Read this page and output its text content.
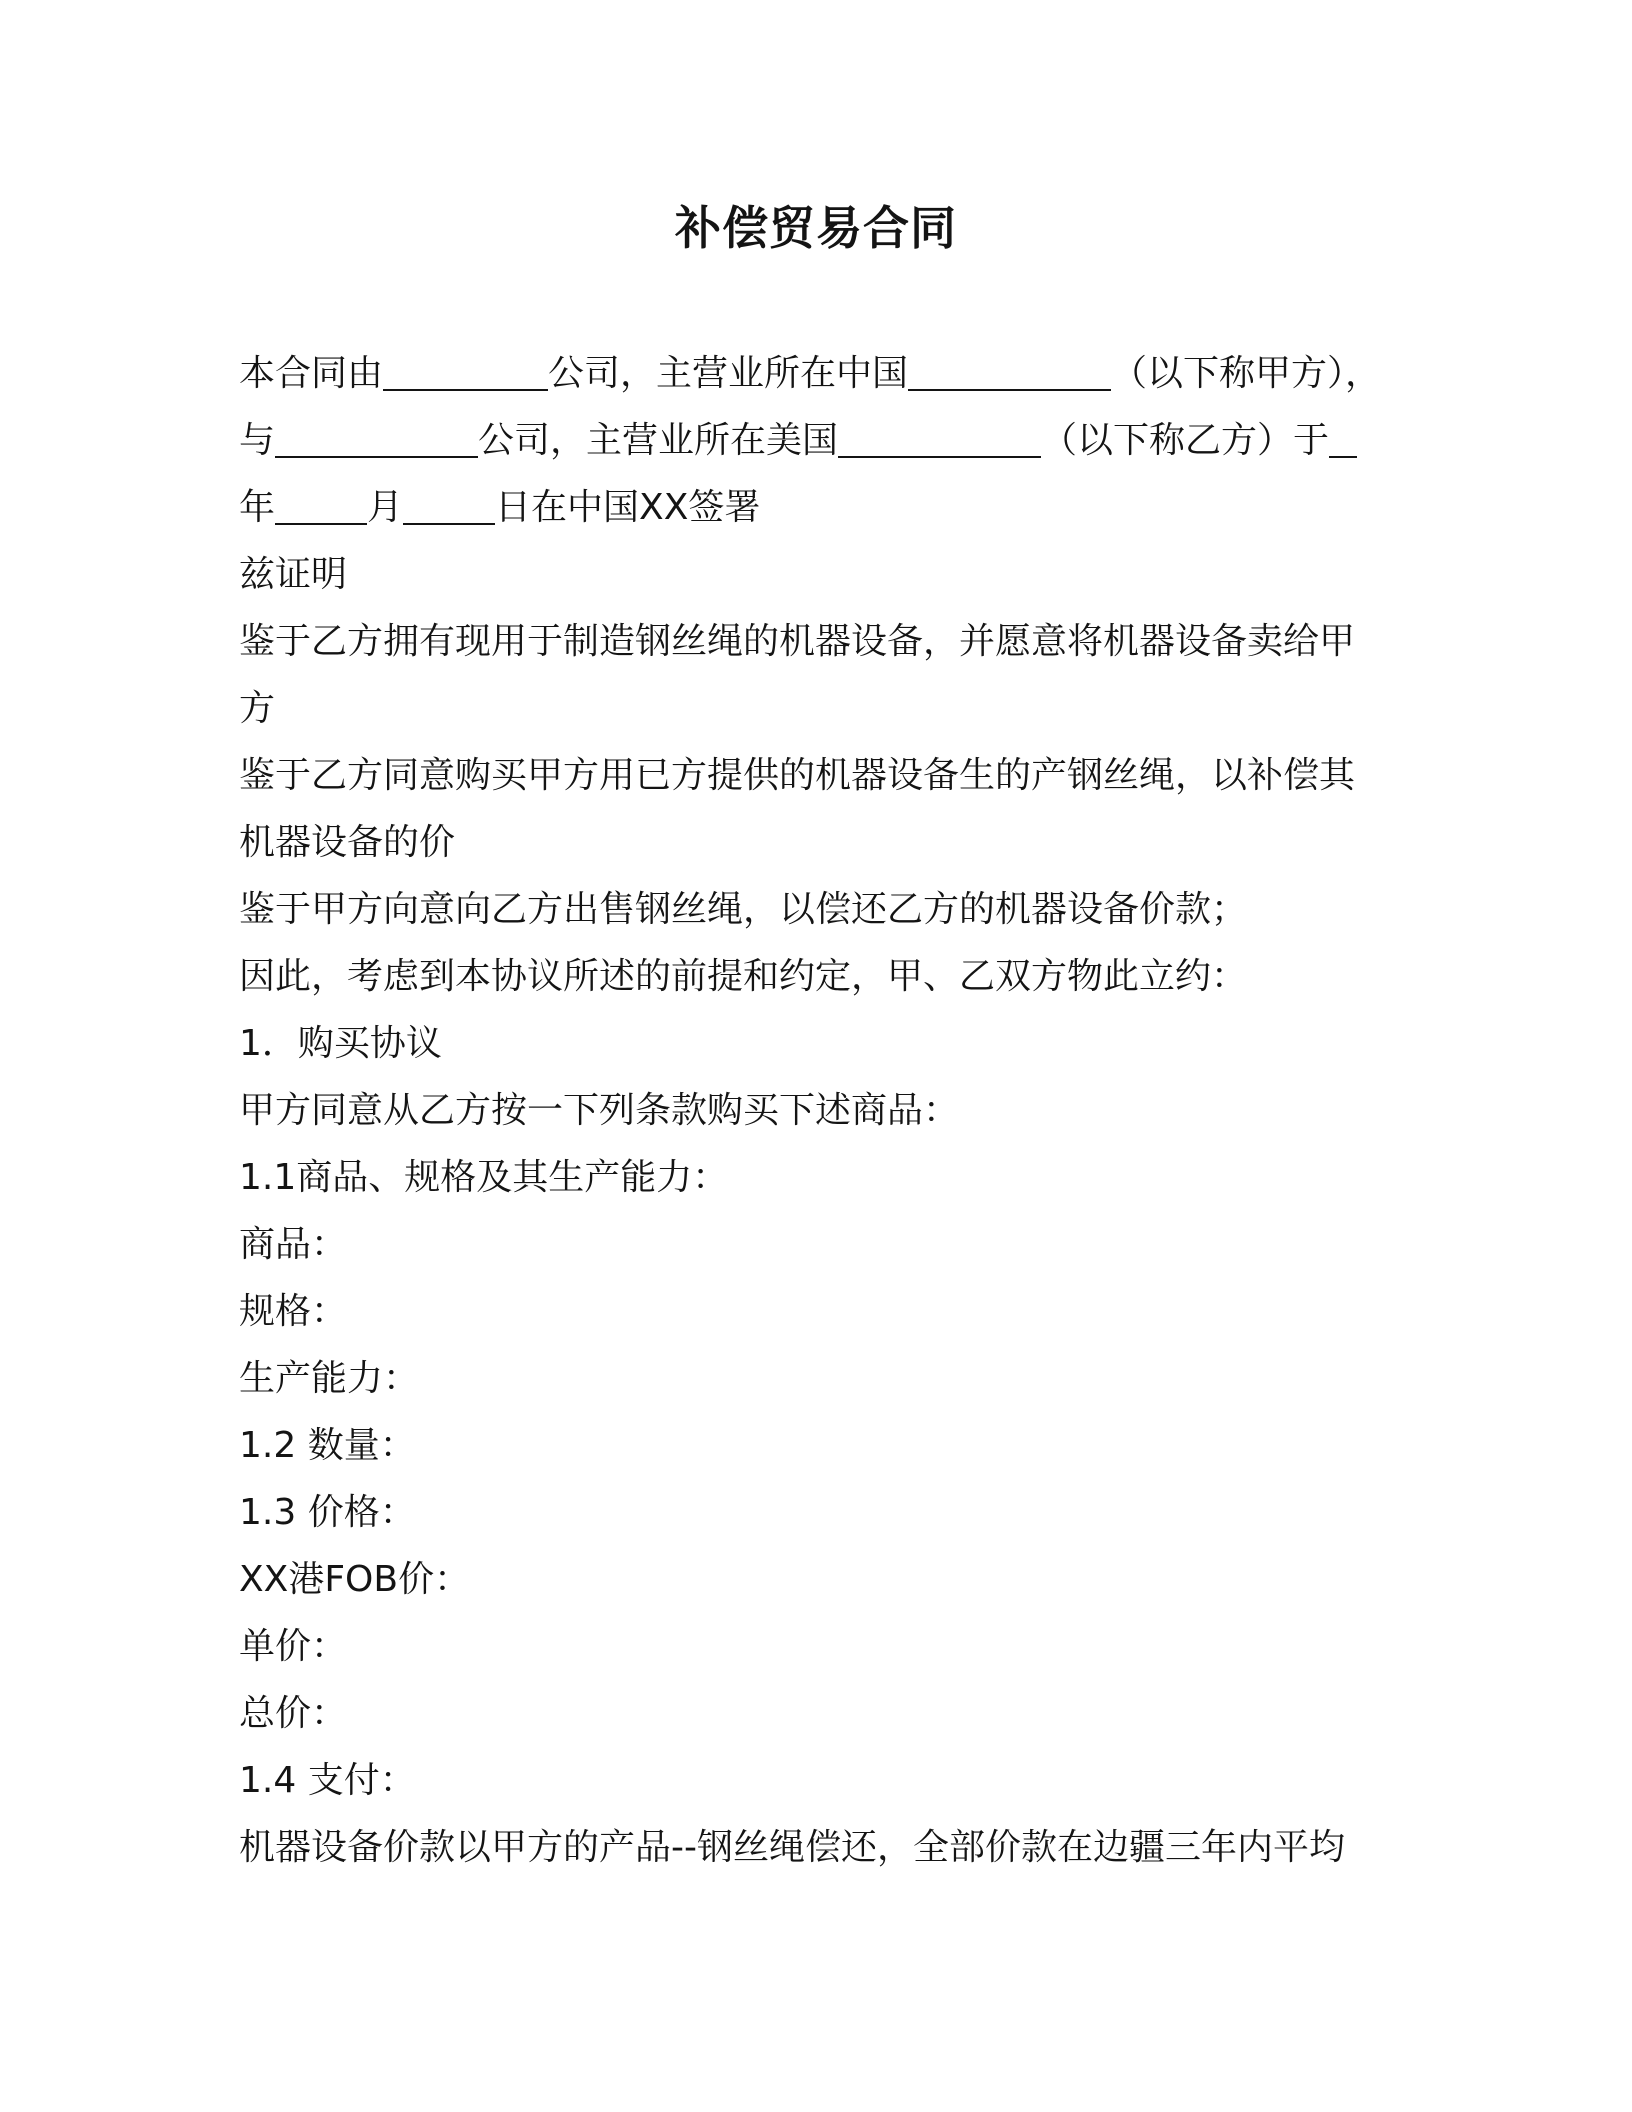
补偿贸易合同
本合同由	公司，主营业所在中国	（以下称甲方），
与	公司，主营业所在美国	（以下称乙方）于
年	月	日在中国XX签署
兹证明
鉴于乙方拥有现用于制造钢丝绳的机器设备，并愿意将机器设备卖给甲
方
鉴于乙方同意购买甲方用已方提供的机器设备生的产钢丝绳，以补偿其
机器设备的价
鉴于甲方向意向乙方出售钢丝绳，以偿还乙方的机器设备价款；
因此，考虑到本协议所述的前提和约定，甲、乙双方物此立约：
1．购买协议
甲方同意从乙方按一下列条款购买下述商品：
1.1商品、规格及其生产能力：
商品：
规格：
生产能力：
1.2 数量：
1.3 价格：
XX港FOB价：
单价：
总价：
1.4 支付：
机器设备价款以甲方的产品--钢丝绳偿还，全部价款在边疆三年内平均
